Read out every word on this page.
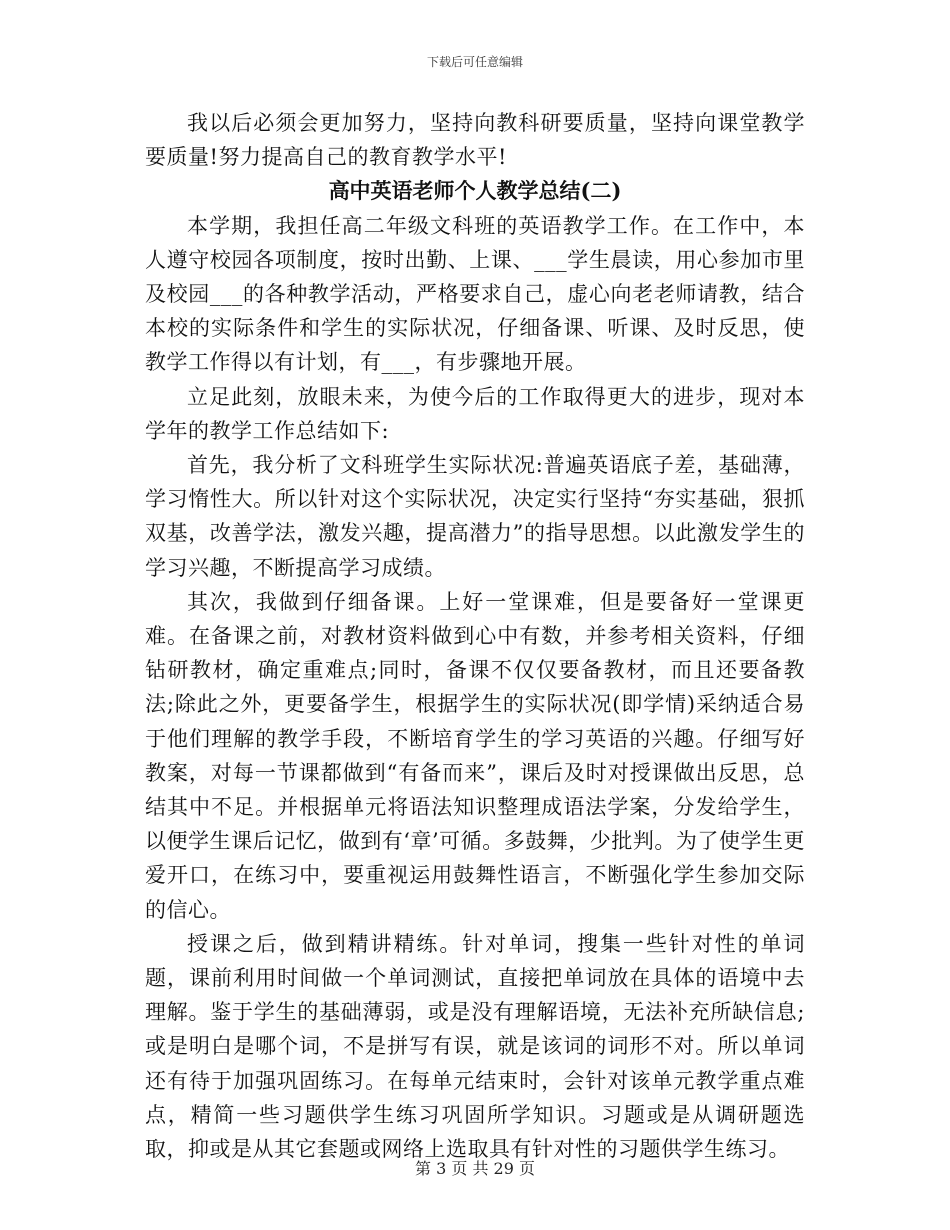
下载后可任意编辑

我以后必须会更加努力，坚持向教科研要质量，坚持向课堂教学要质量!努力提高自己的教育教学水平!

高中英语老师个人教学总结(二)

本学期，我担任高二年级文科班的英语教学工作。在工作中，本人遵守校园各项制度，按时出勤、上课、___学生晨读，用心参加市里及校园___的各种教学活动，严格要求自己，虚心向老老师请教，结合本校的实际条件和学生的实际状况，仔细备课、听课、及时反思，使教学工作得以有计划，有___，有步骤地开展。

立足此刻，放眼未来，为使今后的工作取得更大的进步，现对本学年的教学工作总结如下:

首先，我分析了文科班学生实际状况:普遍英语底子差，基础薄，学习惰性大。所以针对这个实际状况，决定实行坚持“夯实基础，狠抓双基，改善学法，激发兴趣，提高潜力”的指导思想。以此激发学生的学习兴趣，不断提高学习成绩。

其次，我做到仔细备课。上好一堂课难，但是要备好一堂课更难。在备课之前，对教材资料做到心中有数，并参考相关资料，仔细钻研教材，确定重难点;同时，备课不仅仅要备教材，而且还要备教法;除此之外，更要备学生，根据学生的实际状况(即学情)采纳适合易于他们理解的教学手段，不断培育学生的学习英语的兴趣。仔细写好教案，对每一节课都做到“有备而来”，课后及时对授课做出反思，总结其中不足。并根据单元将语法知识整理成语法学案，分发给学生，以便学生课后记忆，做到有‘章’可循。多鼓舞，少批判。为了使学生更爱开口，在练习中，要重视运用鼓舞性语言，不断强化学生参加交际的信心。

授课之后，做到精讲精练。针对单词，搜集一些针对性的单词题，课前利用时间做一个单词测试，直接把单词放在具体的语境中去理解。鉴于学生的基础薄弱，或是没有理解语境，无法补充所缺信息;或是明白是哪个词，不是拼写有误，就是该词的词形不对。所以单词还有待于加强巩固练习。在每单元结束时，会针对该单元教学重点难点，精简一些习题供学生练习巩固所学知识。习题或是从调研题选取，抑或是从其它套题或网络上选取具有针对性的习题供学生练习。

第 3 页 共 29 页
